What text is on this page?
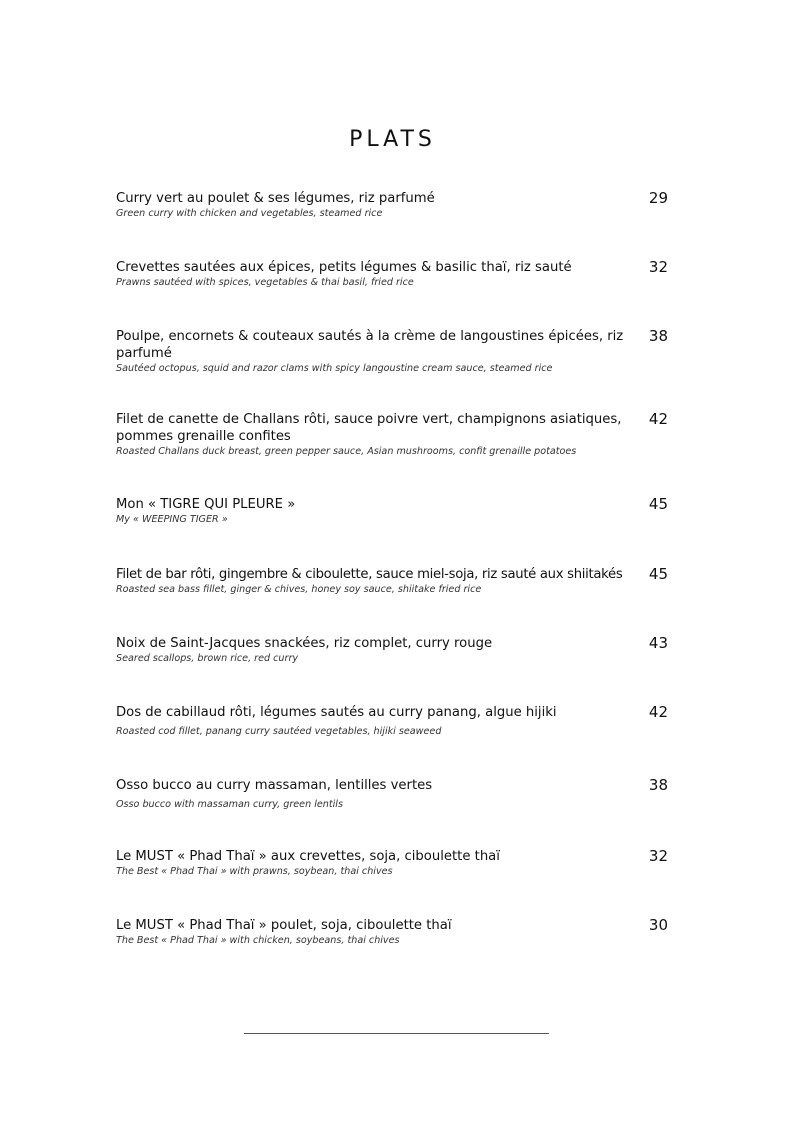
PLATS
Curry vert au poulet & ses légumes, riz parfumé
Green curry with chicken and vegetables, steamed rice
29
Crevettes sautées aux épices, petits légumes & basilic thaï, riz sauté
Prawns sautéed with spices, vegetables & thai basil, fried rice
32
Poulpe, encornets & couteaux sautés à la crème de langoustines épicées, riz parfumé
Sautéed octopus, squid and razor clams with spicy langoustine cream sauce, steamed rice
38
Filet de canette de Challans rôti, sauce poivre vert, champignons asiatiques, pommes grenaille confites
Roasted Challans duck breast, green pepper sauce, Asian mushrooms, confit grenaille potatoes
42
Mon « TIGRE QUI PLEURE »
My « WEEPING TIGER »
45
Filet de bar rôti, gingembre & ciboulette, sauce miel-soja, riz sauté aux shiitakés
Roasted sea bass fillet, ginger & chives, honey soy sauce, shiitake fried rice
45
Noix de Saint-Jacques snackées, riz complet, curry rouge
Seared scallops, brown rice, red curry
43
Dos de cabillaud rôti, légumes sautés au curry panang, algue hijiki
Roasted cod fillet, panang curry sautéed vegetables, hijiki seaweed
42
Osso bucco au curry massaman, lentilles vertes
Osso bucco with massaman curry, green lentils
38
Le MUST « Phad Thaï » aux crevettes, soja, ciboulette thaï
The Best « Phad Thai » with prawns, soybean, thai chives
32
Le MUST « Phad Thaï » poulet, soja, ciboulette thaï
The Best « Phad Thai » with chicken, soybeans, thai chives
30
